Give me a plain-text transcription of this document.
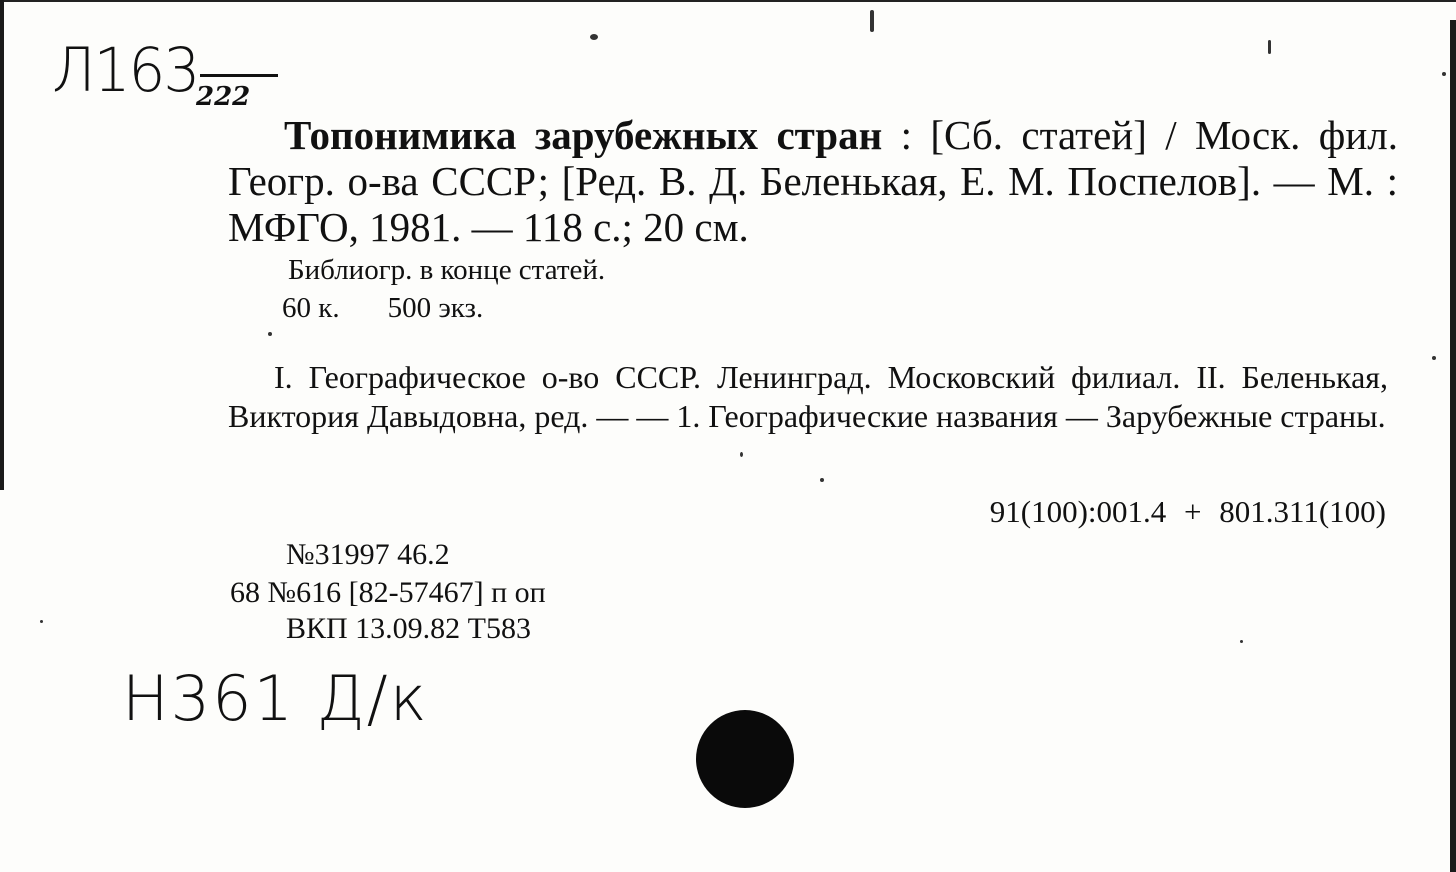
Л163
222
Топонимика зарубежных стран : [Сб. статей] / Моск. фил. Геогр. о-ва СССР; [Ред. В. Д. Беленькая, Е. М. Поспелов]. — М. : МФГО, 1981. — 118 с.; 20 см.
Библиогр. в конце статей.
60 к. 500 экз.
I. Географическое о-во СССР. Ленинград. Московский филиал. II. Беленькая, Виктория Давыдовна, ред. — — 1. Географические названия — Зарубежные страны.
91(100):001.4 + 801.311(100)
№31997 46.2
68 №616 [82-57467] п оп
ВКП 13.09.82 Т583
Н361 Д/к
